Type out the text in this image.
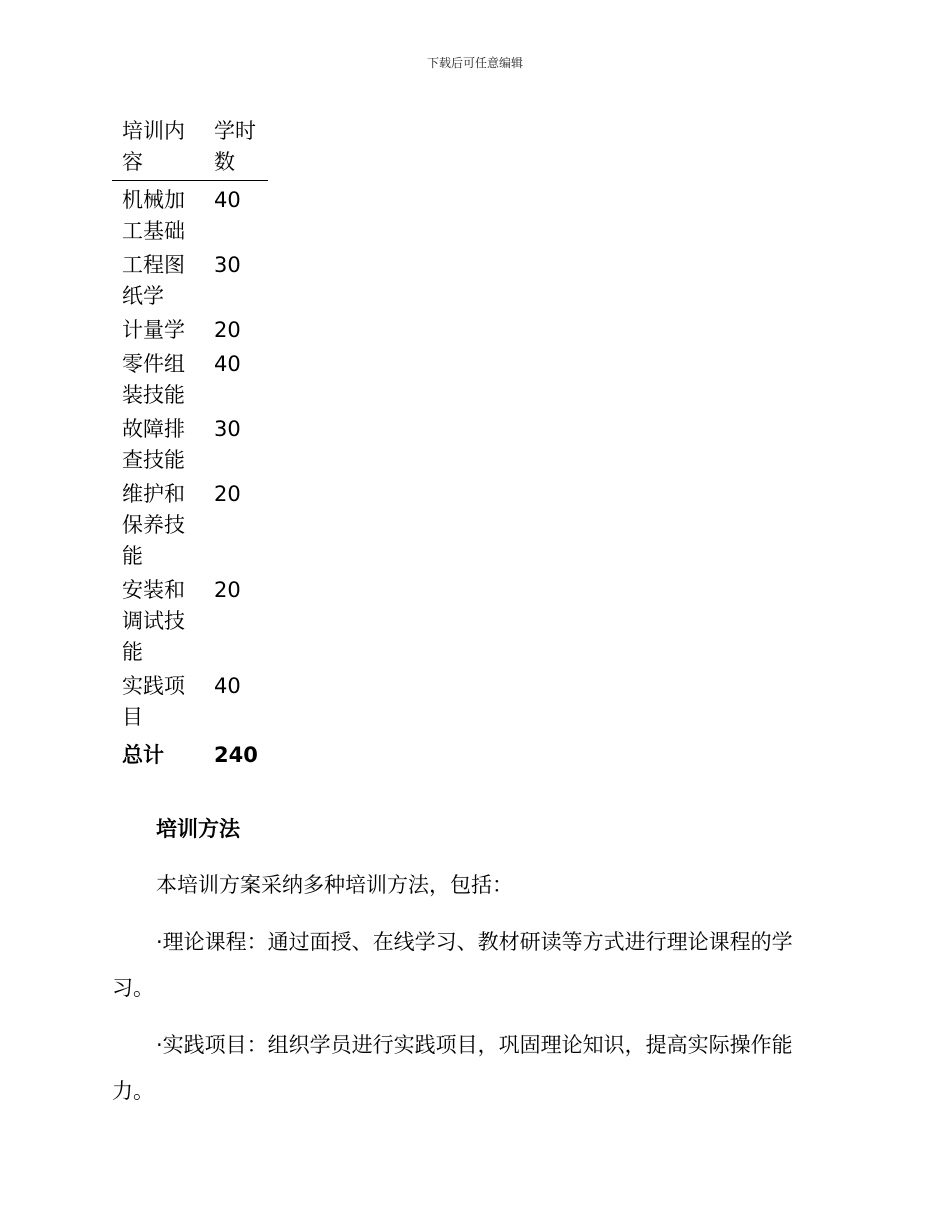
下载后可任意编辑
培训内容	学时数
机械加工基础	40
工程图纸学	30
计量学	20
零件组装技能	40
故障排查技能	30
维护和保养技能	20
安装和调试技能	20
实践项目	40
总计	240
培训方法

本培训方案采纳多种培训方法，包括：

·理论课程：通过面授、在线学习、教材研读等方式进行理论课程的学习。

·实践项目：组织学员进行实践项目，巩固理论知识，提高实际操作能力。
